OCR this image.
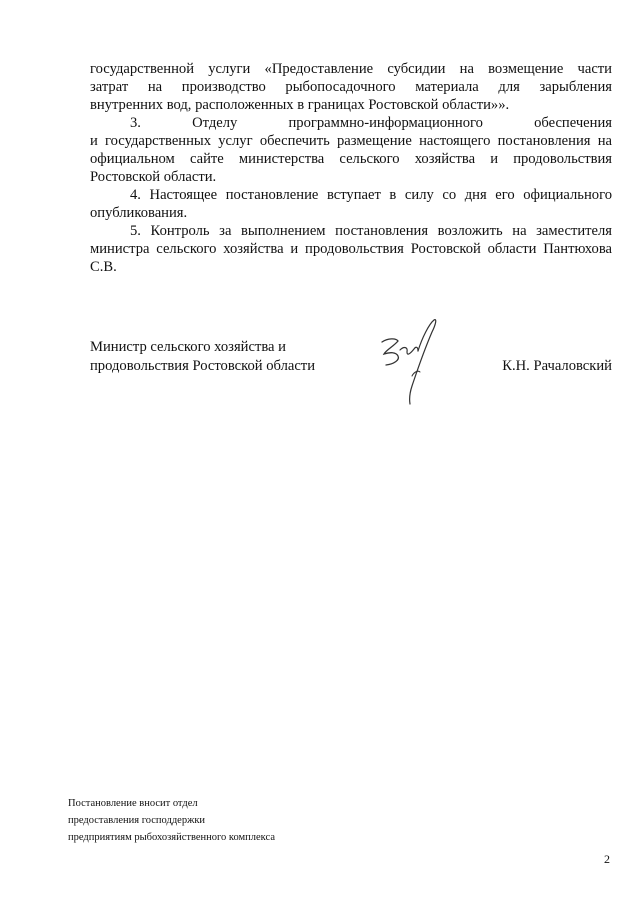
государственной услуги «Предоставление субсидии на возмещение части

затрат на производство рыбопосадочного материала для зарыбления

внутренних вод, расположенных в границах Ростовской области»».

3. Отделу программно-информационного обеспечения

и государственных услуг обеспечить размещение настоящего постановления на официальном сайте министерства сельского хозяйства и продовольствия Ростовской области.

4. Настоящее постановление вступает в силу со дня его официального опубликования.

5. Контроль за выполнением постановления возложить на заместителя министра сельского хозяйства и продовольствия Ростовской области Пантюхова С.В.

Министр сельского хозяйства и
продовольствия Ростовской области	К.Н. Рачаловский
Постановление вносит отдел
предоставления господдержки
предприятиям рыбохозяйственного комплекса
2
